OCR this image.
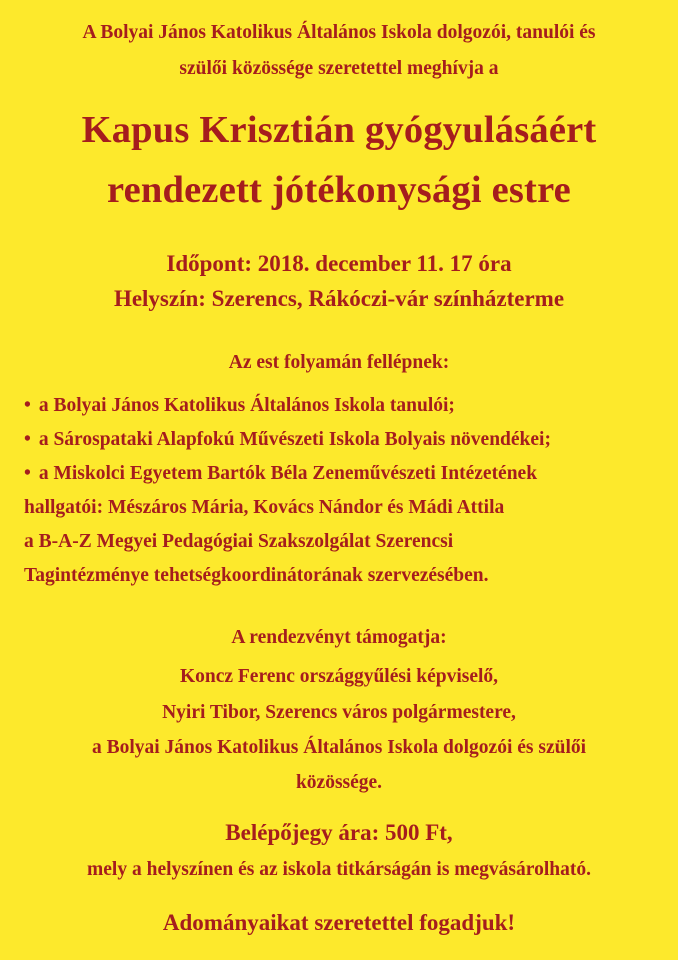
A Bolyai János Katolikus Általános Iskola dolgozói, tanulói és
szülői közössége szeretettel meghívja a
Kapus Krisztián gyógyulásáért
rendezett jótékonysági estre
Időpont: 2018. december 11. 17 óra
Helyszín: Szerencs, Rákóczi-vár színházterme
Az est folyamán fellépnek:
• a Bolyai János Katolikus Általános Iskola tanulói;
• a Sárospataki Alapfokú Művészeti Iskola Bolyais növendékei;
• a Miskolci Egyetem Bartók Béla Zeneművészeti Intézetének
hallgatói: Mészáros Mária, Kovács Nándor és Mádi Attila
a B-A-Z Megyei Pedagógiai Szakszolgálat Szerencsi
Tagintézménye tehetségkoordinátorának szervezésében.
A rendezvényt támogatja:
Koncz Ferenc országgyűlési képviselő,
Nyiri Tibor, Szerencs város polgármestere,
a Bolyai János Katolikus Általános Iskola dolgozói és szülői
közössége.
Belépőjegy ára: 500 Ft,
mely a helyszínen és az iskola titkárságán is megvásárolható.
Adományaikat szeretettel fogadjuk!
